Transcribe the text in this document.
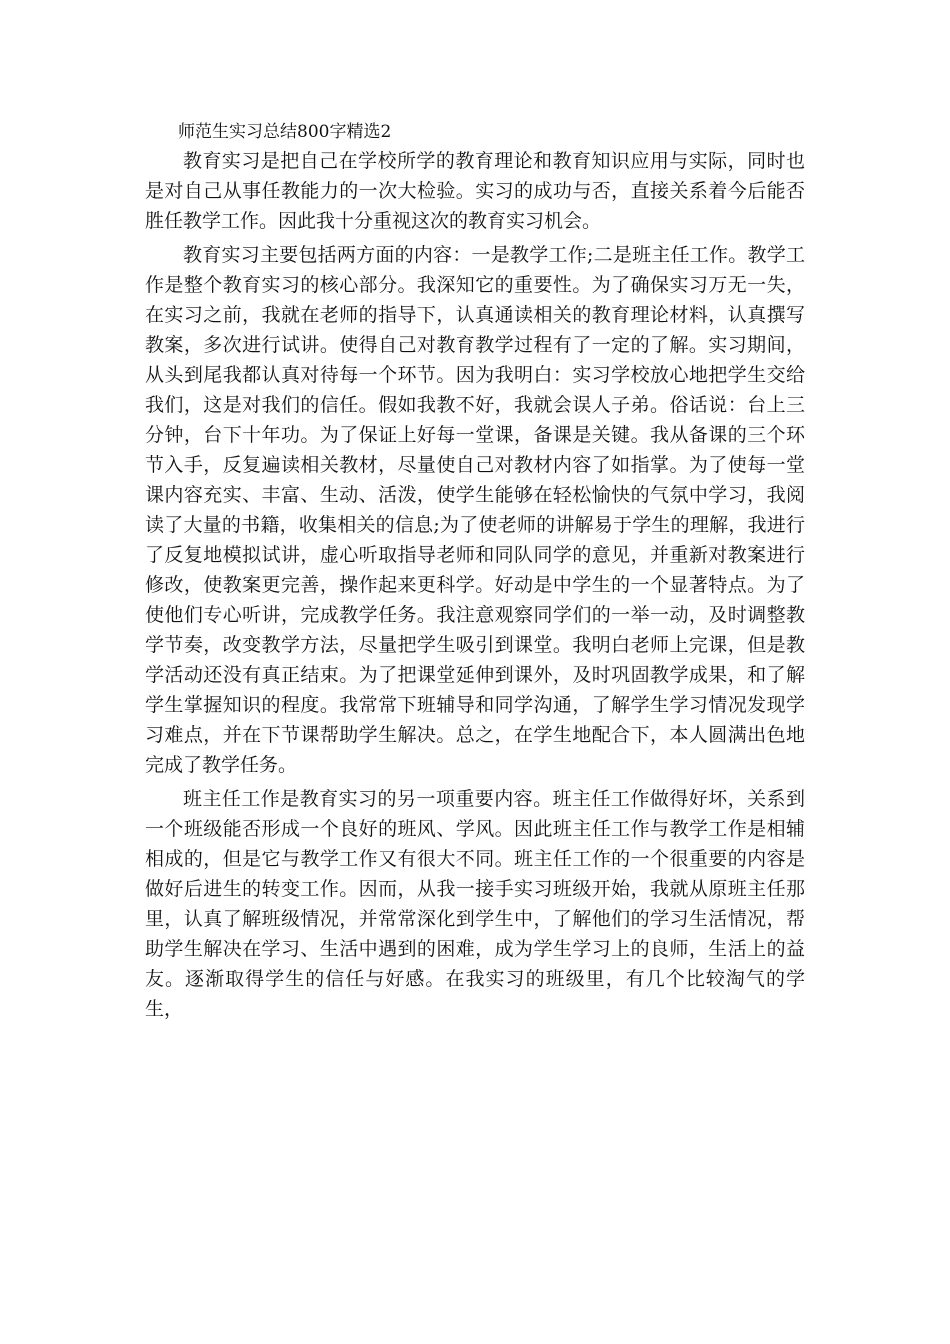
师范生实习总结800字精选2

教育实习是把自己在学校所学的教育理论和教育知识应用与实际，同时也是对自己从事任教能力的一次大检验。实习的成功与否，直接关系着今后能否胜任教学工作。因此我十分重视这次的教育实习机会。

教育实习主要包括两方面的内容：一是教学工作;二是班主任工作。教学工作是整个教育实习的核心部分。我深知它的重要性。为了确保实习万无一失，在实习之前，我就在老师的指导下，认真通读相关的教育理论材料，认真撰写教案，多次进行试讲。使得自己对教育教学过程有了一定的了解。实习期间，从头到尾我都认真对待每一个环节。因为我明白：实习学校放心地把学生交给我们，这是对我们的信任。假如我教不好，我就会误人子弟。俗话说：台上三分钟，台下十年功。为了保证上好每一堂课，备课是关键。我从备课的三个环节入手，反复遍读相关教材，尽量使自己对教材内容了如指掌。为了使每一堂课内容充实、丰富、生动、活泼，使学生能够在轻松愉快的气氛中学习，我阅读了大量的书籍，收集相关的信息;为了使老师的讲解易于学生的理解，我进行了反复地模拟试讲，虚心听取指导老师和同队同学的意见，并重新对教案进行修改，使教案更完善，操作起来更科学。好动是中学生的一个显著特点。为了使他们专心听讲，完成教学任务。我注意观察同学们的一举一动，及时调整教学节奏，改变教学方法，尽量把学生吸引到课堂。我明白老师上完课，但是教学活动还没有真正结束。为了把课堂延伸到课外，及时巩固教学成果，和了解学生掌握知识的程度。我常常下班辅导和同学沟通，了解学生学习情况发现学习难点，并在下节课帮助学生解决。总之，在学生地配合下，本人圆满出色地完成了教学任务。

班主任工作是教育实习的另一项重要内容。班主任工作做得好坏，关系到一个班级能否形成一个良好的班风、学风。因此班主任工作与教学工作是相辅相成的，但是它与教学工作又有很大不同。班主任工作的一个很重要的内容是做好后进生的转变工作。因而，从我一接手实习班级开始，我就从原班主任那里，认真了解班级情况，并常常深化到学生中，了解他们的学习生活情况，帮助学生解决在学习、生活中遇到的困难，成为学生学习上的良师，生活上的益友。逐渐取得学生的信任与好感。在我实习的班级里，有几个比较淘气的学生，
